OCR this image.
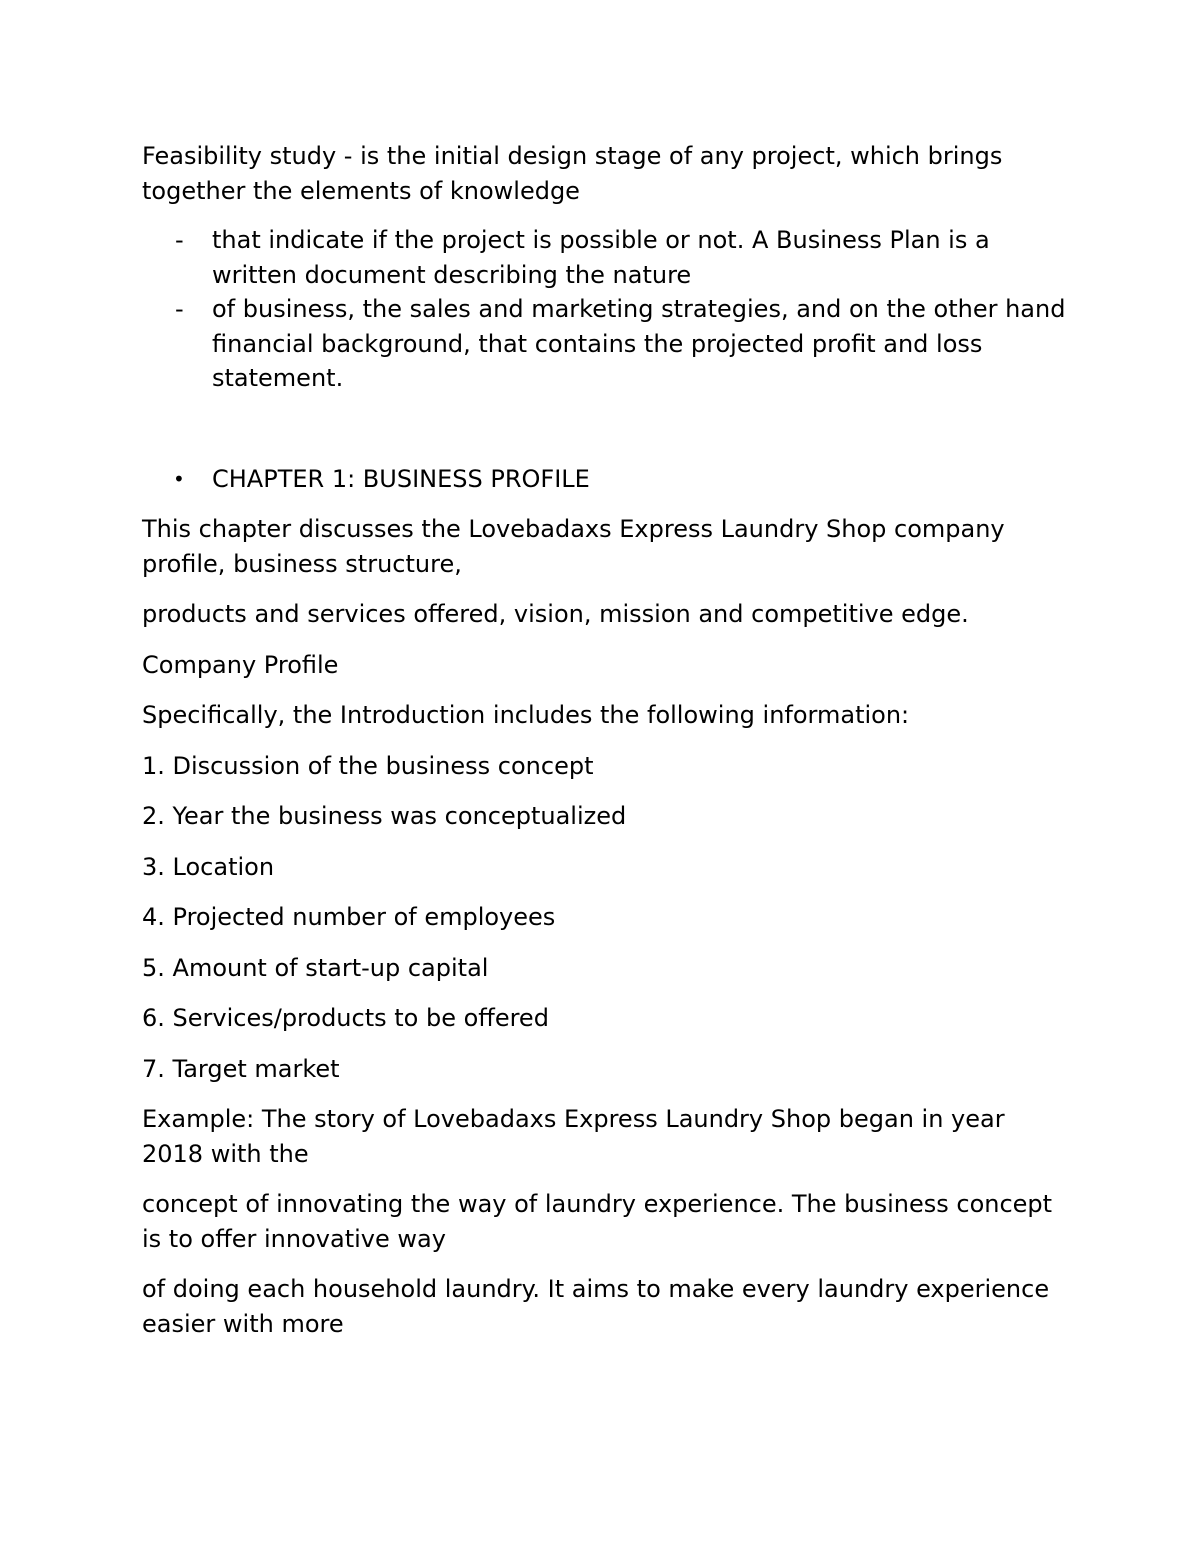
Feasibility study - is the initial design stage of any project, which brings together the elements of knowledge

- that indicate if the project is possible or not. A Business Plan is a written document describing the nature
- of business, the sales and marketing strategies, and on the other hand financial background, that contains the projected profit and loss statement.
• CHAPTER 1: BUSINESS PROFILE

This chapter discusses the Lovebadaxs Express Laundry Shop company profile, business structure,

products and services offered, vision, mission and competitive edge.

Company Profile

Specifically, the Introduction includes the following information:

1. Discussion of the business concept

2. Year the business was conceptualized

3. Location

4. Projected number of employees

5. Amount of start-up capital

6. Services/products to be offered

7. Target market

Example: The story of Lovebadaxs Express Laundry Shop began in year 2018 with the

concept of innovating the way of laundry experience. The business concept is to offer innovative way

of doing each household laundry. It aims to make every laundry experience easier with more
